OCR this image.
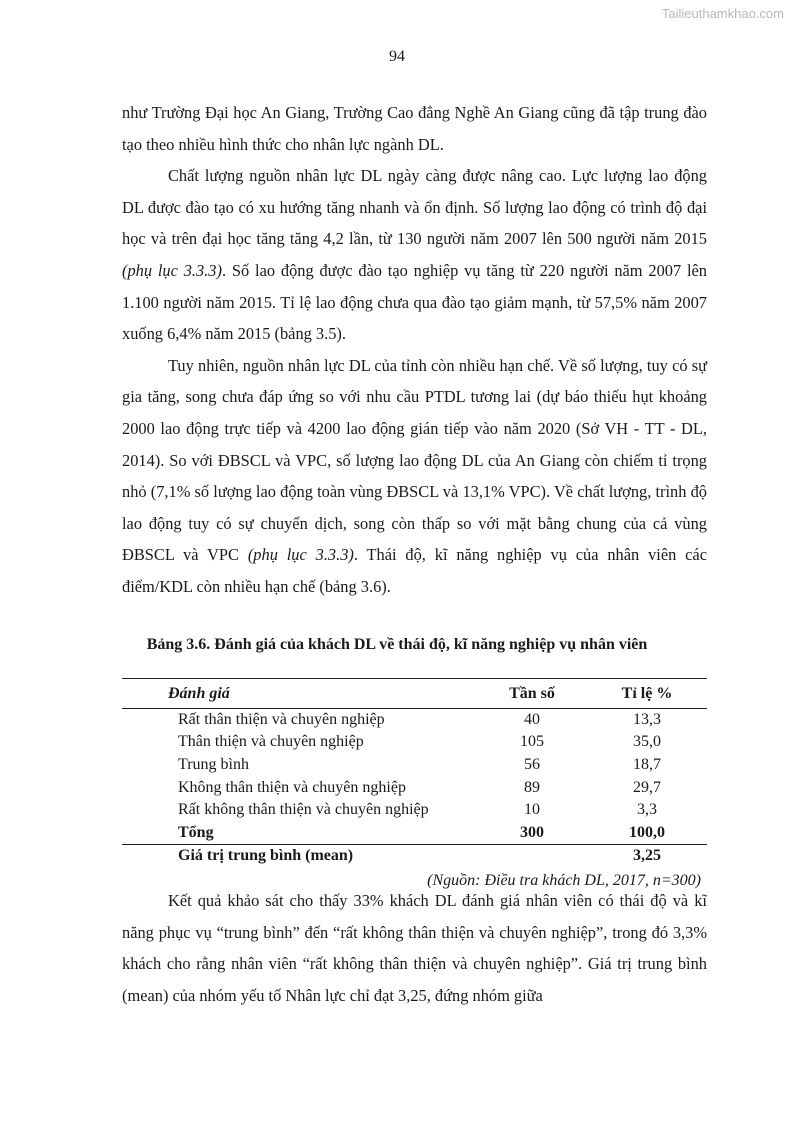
Tailieuthamkhao.com
94

như Trường Đại học An Giang, Trường Cao đẳng Nghề An Giang cũng đã tập trung đào tạo theo nhiều hình thức cho nhân lực ngành DL.

Chất lượng nguồn nhân lực DL ngày càng được nâng cao. Lực lượng lao động DL được đào tạo có xu hướng tăng nhanh và ổn định. Số lượng lao động có trình độ đại học và trên đại học tăng tăng 4,2 lần, từ 130 người năm 2007 lên 500 người năm 2015 (phụ lục 3.3.3). Số lao động được đào tạo nghiệp vụ tăng từ 220 người năm 2007 lên 1.100 người năm 2015. Tỉ lệ lao động chưa qua đào tạo giảm mạnh, từ 57,5% năm 2007 xuống 6,4% năm 2015 (bảng 3.5).

Tuy nhiên, nguồn nhân lực DL của tỉnh còn nhiều hạn chế. Về số lượng, tuy có sự gia tăng, song chưa đáp ứng so với nhu cầu PTDL tương lai (dự báo thiếu hụt khoảng 2000 lao động trực tiếp và 4200 lao động gián tiếp vào năm 2020 (Sở VH - TT - DL, 2014). So với ĐBSCL và VPC, số lượng lao động DL của An Giang còn chiếm tỉ trọng nhỏ (7,1% số lượng lao động toàn vùng ĐBSCL và 13,1% VPC). Về chất lượng, trình độ lao động tuy có sự chuyển dịch, song còn thấp so với mặt bằng chung của cả vùng ĐBSCL và VPC (phụ lục 3.3.3). Thái độ, kĩ năng nghiệp vụ của nhân viên các điểm/KDL còn nhiều hạn chế (bảng 3.6).

Bảng 3.6. Đánh giá của khách DL về thái độ, kĩ năng nghiệp vụ nhân viên
Đánh giá	Tần số	Tỉ lệ %
Rất thân thiện và chuyên nghiệp	40	13,3
Thân thiện và chuyên nghiệp	105	35,0
Trung bình	56	18,7
Không thân thiện và chuyên nghiệp	89	29,7
Rất không thân thiện và chuyên nghiệp	10	3,3
Tổng	300	100,0
Giá trị trung bình (mean)		3,25
(Nguồn: Điều tra khách DL, 2017, n=300)

Kết quả khảo sát cho thấy 33% khách DL đánh giá nhân viên có thái độ và kĩ năng phục vụ “trung bình” đến “rất không thân thiện và chuyên nghiệp”, trong đó 3,3% khách cho rằng nhân viên “rất không thân thiện và chuyên nghiệp”. Giá trị trung bình (mean) của nhóm yếu tố Nhân lực chỉ đạt 3,25, đứng nhóm giữa
